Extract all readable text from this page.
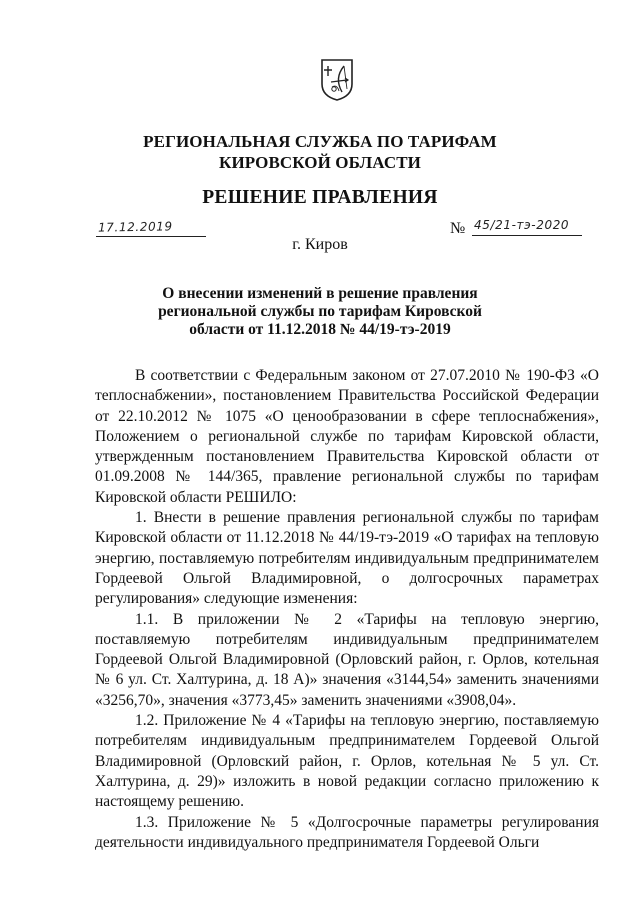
РЕГИОНАЛЬНАЯ СЛУЖБА ПО ТАРИФАМ
КИРОВСКОЙ ОБЛАСТИ
РЕШЕНИЕ ПРАВЛЕНИЯ
17.12.2019	№ 45/21-тэ-2020
г. Киров
О внесении изменений в решение правления
региональной службы по тарифам Кировской
области от 11.12.2018 № 44/19-тэ-2019

В соответствии с Федеральным законом от 27.07.2010 № 190-ФЗ «О теплоснабжении», постановлением Правительства Российской Федерации от 22.10.2012 № 1075 «О ценообразовании в сфере теплоснабжения», Положением о региональной службе по тарифам Кировской области, утвержденным постановлением Правительства Кировской области от 01.09.2008 № 144/365, правление региональной службы по тарифам Кировской области РЕШИЛО:

1. Внести в решение правления региональной службы по тарифам Кировской области от 11.12.2018 № 44/19-тэ-2019 «О тарифах на тепловую энергию, поставляемую потребителям индивидуальным предпринимателем Гордеевой Ольгой Владимировной, о долгосрочных параметрах регулирования» следующие изменения:

1.1. В приложении № 2 «Тарифы на тепловую энергию, поставляемую потребителям индивидуальным предпринимателем Гордеевой Ольгой Владимировной (Орловский район, г. Орлов, котельная № 6 ул. Ст. Халтурина, д. 18 А)» значения «3144,54» заменить значениями «3256,70», значения «3773,45» заменить значениями «3908,04».

1.2. Приложение № 4 «Тарифы на тепловую энергию, поставляемую потребителям индивидуальным предпринимателем Гордеевой Ольгой Владимировной (Орловский район, г. Орлов, котельная № 5 ул. Ст. Халтурина, д. 29)» изложить в новой редакции согласно приложению к настоящему решению.

1.3. Приложение № 5 «Долгосрочные параметры регулирования деятельности индивидуального предпринимателя Гордеевой Ольги
